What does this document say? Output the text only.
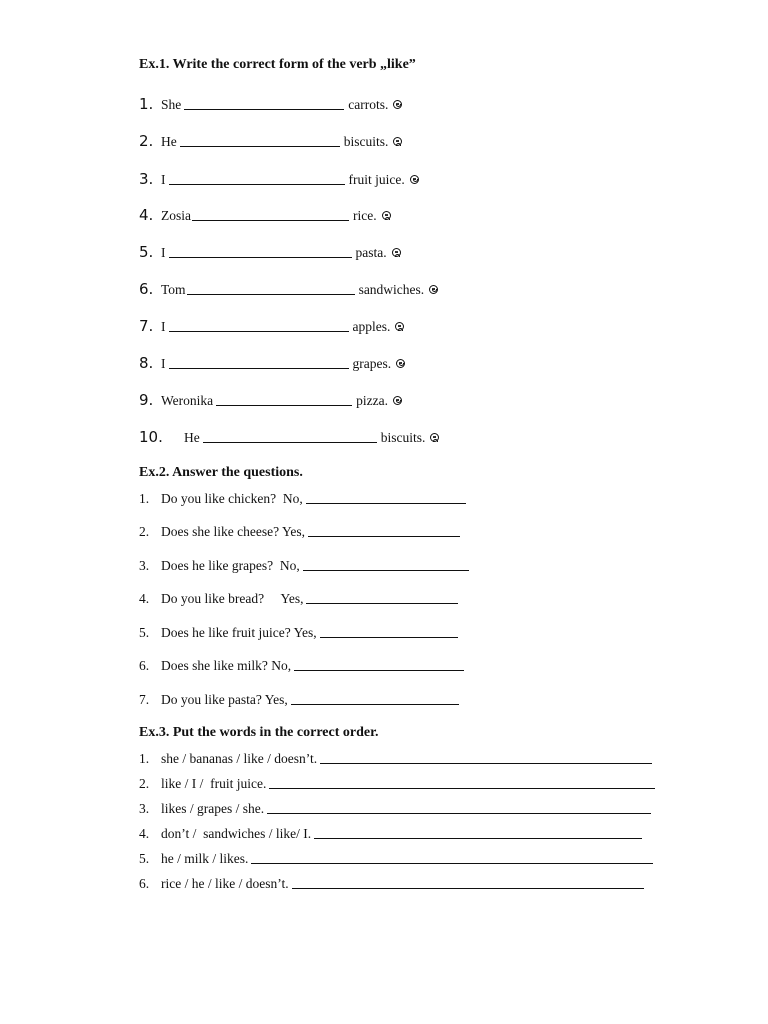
Ex.1. Write the correct form of the verb „like”
1. She	carrots.
2. He	biscuits.
3. I	fruit juice.
4. Zosia	rice.
5. I	pasta.
6. Tom	sandwiches.
7. I	apples.
8. I	grapes.
9. Weronika	pizza.
10.	He	biscuits.
Ex.2. Answer the questions.
1. Do you like chicken?  No,
2. Does she like cheese? Yes,
3. Does he like grapes?  No,
4. Do you like bread?     Yes,
5. Does he like fruit juice? Yes,
6. Does she like milk? No,
7. Do you like pasta? Yes,
Ex.3. Put the words in the correct order.
1. she / bananas / like / doesn’t.
2. like / I /  fruit juice.
3. likes / grapes / she.
4. don’t /  sandwiches / like/ I.
5. he / milk / likes.
6. rice / he / like / doesn’t.
